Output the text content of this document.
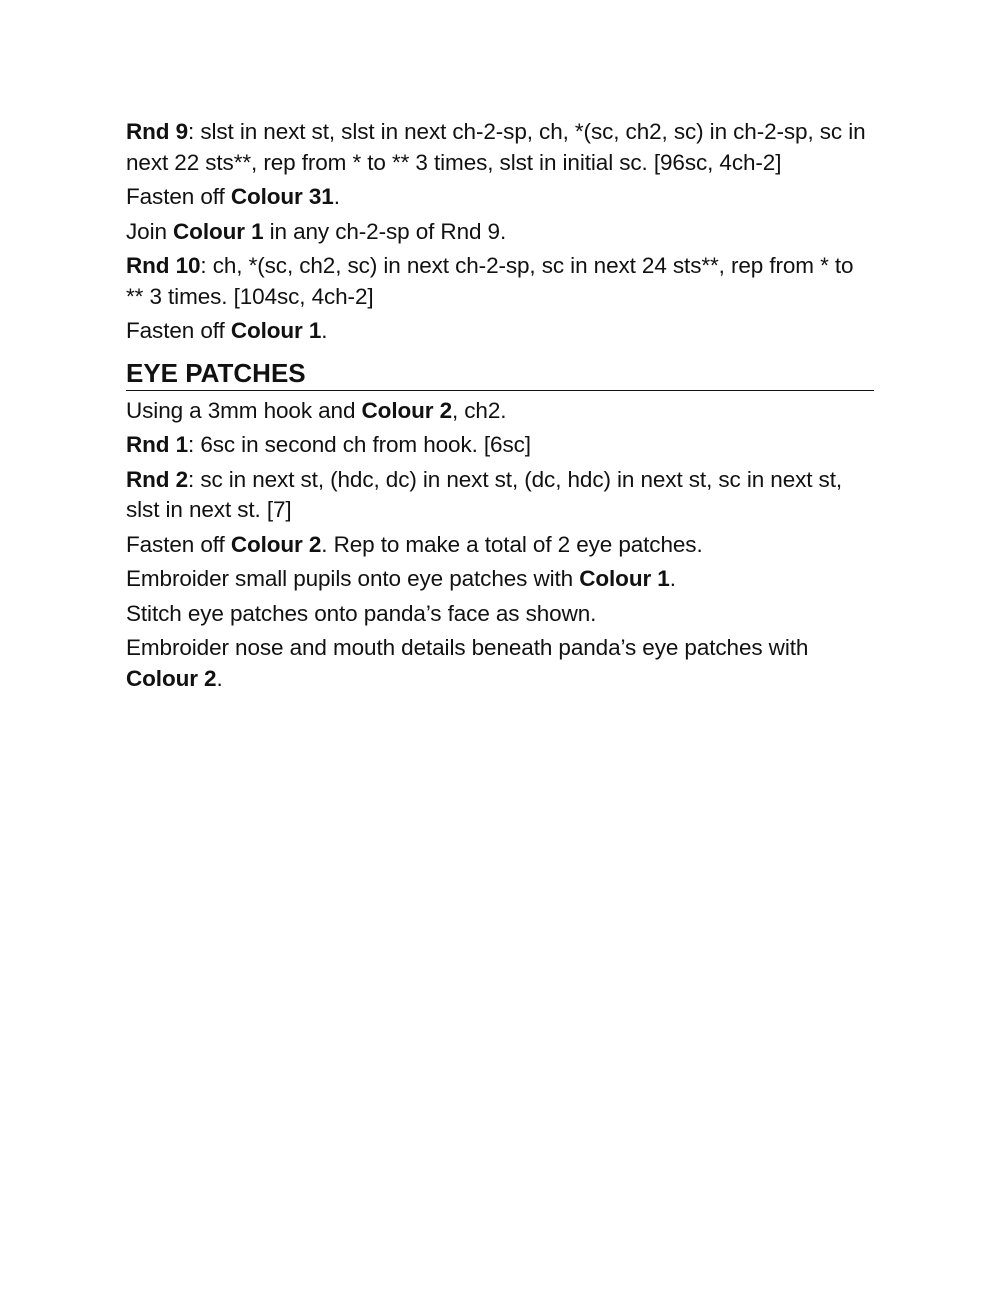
Rnd 9: slst in next st, slst in next ch-2-sp, ch, *(sc, ch2, sc) in ch-2-sp, sc in next 22 sts**, rep from * to ** 3 times, slst in initial sc. [96sc, 4ch-2]

Fasten off Colour 31.

Join Colour 1 in any ch-2-sp of Rnd 9.

Rnd 10: ch, *(sc, ch2, sc) in next ch-2-sp, sc in next 24 sts**, rep from * to ** 3 times. [104sc, 4ch-2]

Fasten off Colour 1.

EYE PATCHES

Using a 3mm hook and Colour 2, ch2.

Rnd 1: 6sc in second ch from hook. [6sc]

Rnd 2: sc in next st, (hdc, dc) in next st, (dc, hdc) in next st, sc in next st, slst in next st. [7]

Fasten off Colour 2. Rep to make a total of 2 eye patches.

Embroider small pupils onto eye patches with Colour 1.

Stitch eye patches onto panda’s face as shown.

Embroider nose and mouth details beneath panda’s eye patches with Colour 2.
